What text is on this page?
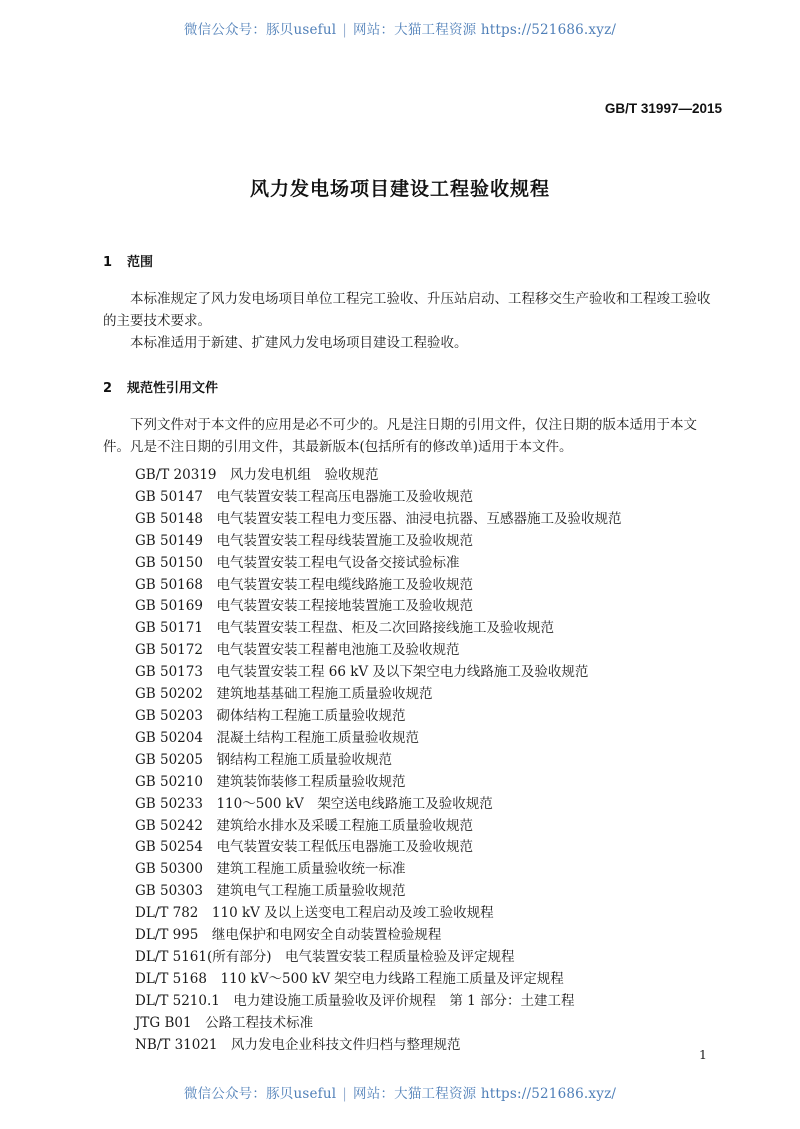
微信公众号：豚贝useful | 网站：大猫工程资源 https://521686.xyz/
GB/T 31997—2015
风力发电场项目建设工程验收规程
1 范围

本标准规定了风力发电场项目单位工程完工验收、升压站启动、工程移交生产验收和工程竣工验收的主要技术要求。

本标准适用于新建、扩建风力发电场项目建设工程验收。

2 规范性引用文件

下列文件对于本文件的应用是必不可少的。凡是注日期的引用文件，仅注日期的版本适用于本文件。凡是不注日期的引用文件，其最新版本(包括所有的修改单)适用于本文件。

GB/T 20319　 风力发电机组　验收规范
GB 50147　 电气装置安装工程高压电器施工及验收规范
GB 50148　 电气装置安装工程电力变压器、油浸电抗器、互感器施工及验收规范
GB 50149　 电气装置安装工程母线装置施工及验收规范
GB 50150　 电气装置安装工程电气设备交接试验标准
GB 50168　 电气装置安装工程电缆线路施工及验收规范
GB 50169　 电气装置安装工程接地装置施工及验收规范
GB 50171　 电气装置安装工程盘、柜及二次回路接线施工及验收规范
GB 50172　 电气装置安装工程蓄电池施工及验收规范
GB 50173　 电气装置安装工程 66 kV 及以下架空电力线路施工及验收规范
GB 50202　 建筑地基基础工程施工质量验收规范
GB 50203　 砌体结构工程施工质量验收规范
GB 50204　 混凝土结构工程施工质量验收规范
GB 50205　 钢结构工程施工质量验收规范
GB 50210　 建筑装饰装修工程质量验收规范
GB 50233　 110～500 kV　架空送电线路施工及验收规范
GB 50242　 建筑给水排水及采暖工程施工质量验收规范
GB 50254　 电气装置安装工程低压电器施工及验收规范
GB 50300　 建筑工程施工质量验收统一标准
GB 50303　 建筑电气工程施工质量验收规范
DL/T 782　 110 kV 及以上送变电工程启动及竣工验收规程
DL/T 995　 继电保护和电网安全自动装置检验规程
DL/T 5161(所有部分)　 电气装置安装工程质量检验及评定规程
DL/T 5168　 110 kV～500 kV 架空电力线路工程施工质量及评定规程
DL/T 5210.1　 电力建设施工质量验收及评价规程　第 1 部分：土建工程
JTG B01　 公路工程技术标准
NB/T 31021　 风力发电企业科技文件归档与整理规范
1
微信公众号：豚贝useful | 网站：大猫工程资源 https://521686.xyz/
